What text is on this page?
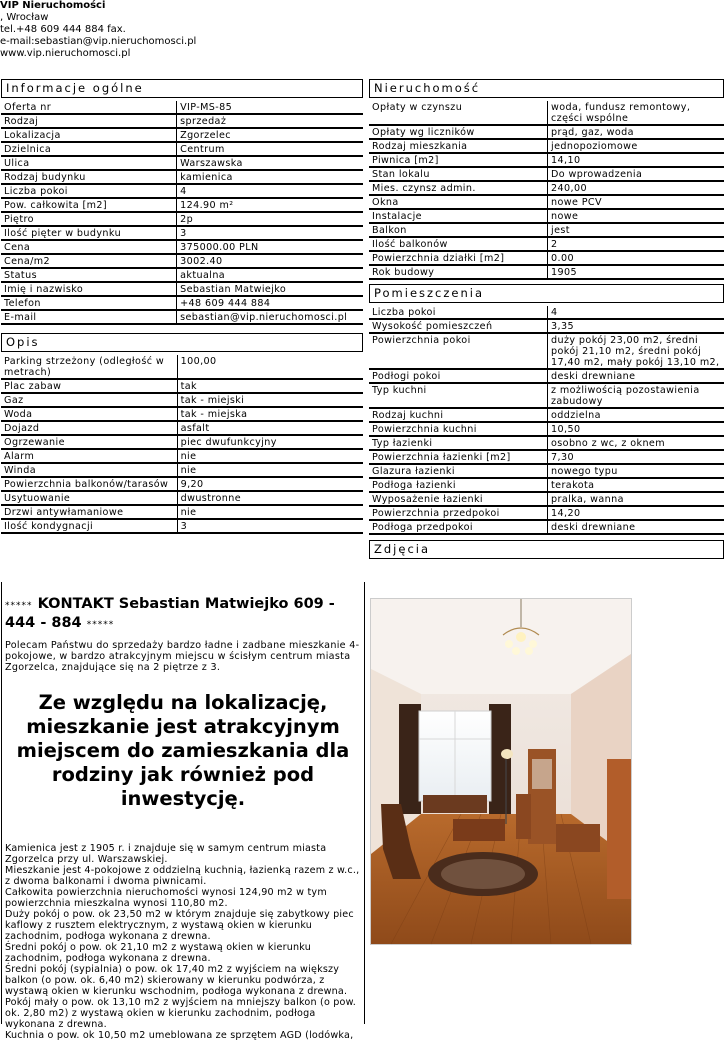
VIP Nieruchomości
, Wrocław
tel.+48 609 444 884 fax.
e-mail:sebastian@vip.nieruchomosci.pl
www.vip.nieruchomosci.pl
Informacje ogólne
Oferta nr	VIP-MS-85
Rodzaj	sprzedaż
Lokalizacja	Zgorzelec
Dzielnica	Centrum
Ulica	Warszawska
Rodzaj budynku	kamienica
Liczba pokoi	4
Pow. całkowita [m2]	124.90 m²
Piętro	2p
Ilość pięter w budynku	3
Cena	375000.00 PLN
Cena/m2	3002.40
Status	aktualna
Imię i nazwisko	Sebastian Matwiejko
Telefon	+48 609 444 884
E-mail	sebastian@vip.nieruchomosci.pl
Opis
Parking strzeżony (odległość w metrach)	100,00
Plac zabaw	tak
Gaz	tak - miejski
Woda	tak - miejska
Dojazd	asfalt
Ogrzewanie	piec dwufunkcyjny
Alarm	nie
Winda	nie
Powierzchnia balkonów/tarasów	9,20
Usytuowanie	dwustronne
Drzwi antywłamaniowe	nie
Ilość kondygnacji	3
***** KONTAKT Sebastian Matwiejko 609 - 444 - 884 *****
Polecam Państwu do sprzedaży bardzo ładne i zadbane mieszkanie 4-pokojowe, w bardzo atrakcyjnym miejscu w ścisłym centrum miasta Zgorzelca, znajdujące się na 2 piętrze z 3.
Ze względu na lokalizację, mieszkanie jest atrakcyjnym miejscem do zamieszkania dla rodziny jak również pod inwestycję.
Kamienica jest z 1905 r. i znajduje się w samym centrum miasta Zgorzelca przy ul. Warszawskiej.
Mieszkanie jest 4-pokojowe z oddzielną kuchnią, łazienką razem z w.c., z dwoma balkonami i dwoma piwnicami.
Całkowita powierzchnia nieruchomości wynosi 124,90 m2 w tym powierzchnia mieszkalna wynosi 110,80 m2.
Duży pokój o pow. ok 23,50 m2 w którym znajduje się zabytkowy piec kaflowy z rusztem elektrycznym, z wystawą okien w kierunku zachodnim, podłoga wykonana z drewna.
Średni pokój o pow. ok 21,10 m2 z wystawą okien w kierunku zachodnim, podłoga wykonana z drewna.
Średni pokój (sypialnia) o pow. ok 17,40 m2 z wyjściem na większy balkon (o pow. ok. 6,40 m2) skierowany w kierunku podwórza, z wystawą okien w kierunku wschodnim, podłoga wykonana z drewna.
Pokój mały o pow. ok 13,10 m2 z wyjściem na mniejszy balkon (o pow. ok. 2,80 m2) z wystawą okien w kierunku zachodnim, podłoga wykonana z drewna.
Kuchnia o pow. ok 10,50 m2 umeblowana ze sprzętem AGD (lodówka,
Nieruchomość
Opłaty w czynszu	woda, fundusz remontowy, części wspólne
Opłaty wg liczników	prąd, gaz, woda
Rodzaj mieszkania	jednopoziomowe
Piwnica [m2]	14,10
Stan lokalu	Do wprowadzenia
Mies. czynsz admin.	240,00
Okna	nowe PCV
Instalacje	nowe
Balkon	jest
Ilość balkonów	2
Powierzchnia działki [m2]	0.00
Rok budowy	1905
Pomieszczenia
Liczba pokoi	4
Wysokość pomieszczeń	3,35
Powierzchnia pokoi	duży pokój 23,00 m2, średni pokój 21,10 m2, średni pokój 17,40 m2, mały pokój 13,10 m2,
Podłogi pokoi	deski drewniane
Typ kuchni	z możliwością pozostawienia zabudowy
Rodzaj kuchni	oddzielna
Powierzchnia kuchni	10,50
Typ łazienki	osobno z wc, z oknem
Powierzchnia łazienki [m2]	7,30
Glazura łazienki	nowego typu
Podłoga łazienki	terakota
Wyposażenie łazienki	pralka, wanna
Powierzchnia przedpokoi	14,20
Podłoga przedpokoi	deski drewniane
Zdjęcia
